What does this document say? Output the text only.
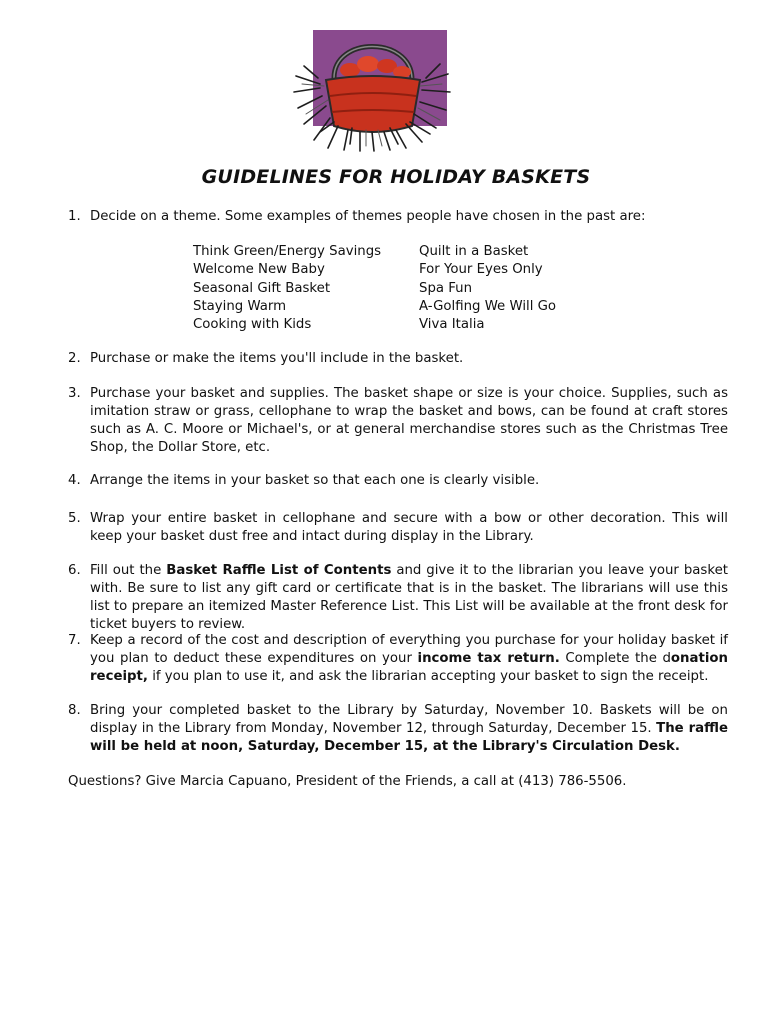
GUIDELINES FOR HOLIDAY BASKETS
1. Decide on a theme. Some examples of themes people have chosen in the past are:
Think Green/Energy Savings
Welcome New Baby
Seasonal Gift Basket
Staying Warm
Cooking with Kids
Quilt in a Basket
For Your Eyes Only
Spa Fun
A-Golfing We Will Go
Viva Italia
2. Purchase or make the items you'll include in the basket.
3. Purchase your basket and supplies. The basket shape or size is your choice. Supplies, such as imitation straw or grass, cellophane to wrap the basket and bows, can be found at craft stores such as A. C. Moore or Michael's, or at general merchandise stores such as the Christmas Tree Shop, the Dollar Store, etc.
4. Arrange the items in your basket so that each one is clearly visible.
5. Wrap your entire basket in cellophane and secure with a bow or other decoration. This will keep your basket dust free and intact during display in the Library.
6. Fill out the Basket Raffle List of Contents and give it to the librarian you leave your basket with. Be sure to list any gift card or certificate that is in the basket. The librarians will use this list to prepare an itemized Master Reference List. This List will be available at the front desk for ticket buyers to review.
7. Keep a record of the cost and description of everything you purchase for your holiday basket if you plan to deduct these expenditures on your income tax return. Complete the donation receipt, if you plan to use it, and ask the librarian accepting your basket to sign the receipt.
8. Bring your completed basket to the Library by Saturday, November 10. Baskets will be on display in the Library from Monday, November 12, through Saturday, December 15. The raffle will be held at noon, Saturday, December 15, at the Library's Circulation Desk.
Questions? Give Marcia Capuano, President of the Friends, a call at (413) 786-5506.
